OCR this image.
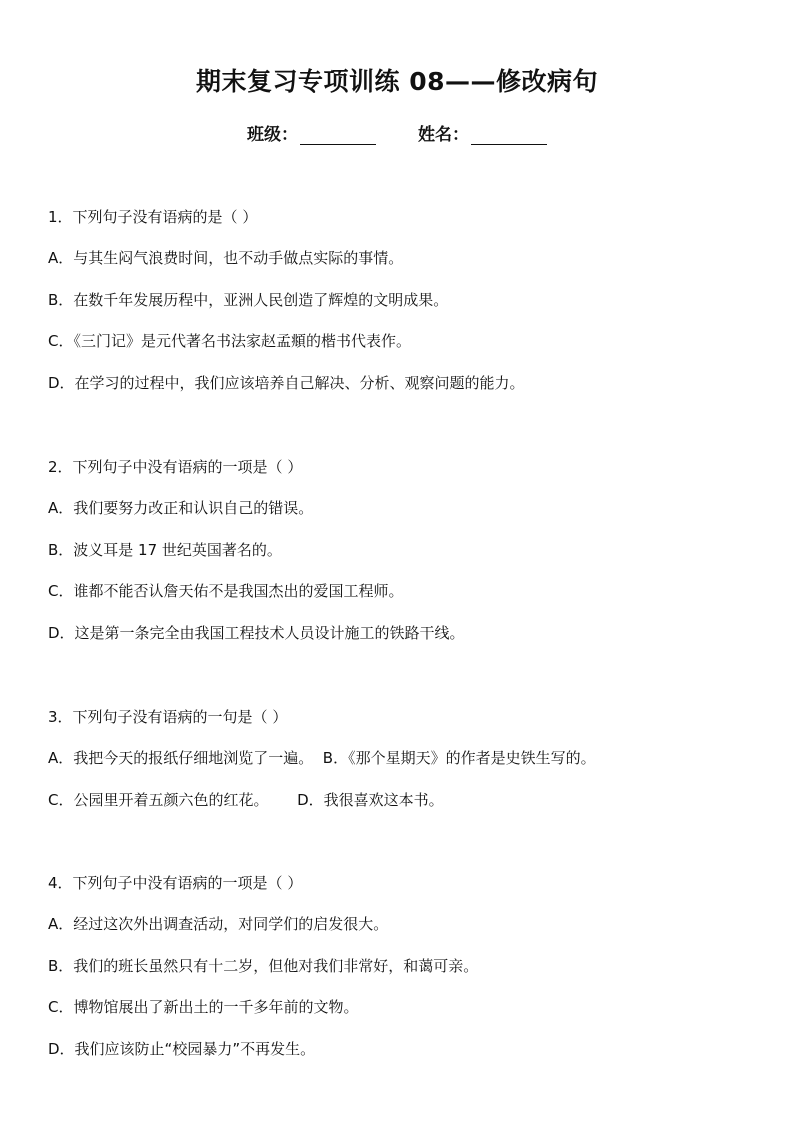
期末复习专项训练 08——修改病句
班级：	姓名：
1．下列句子没有语病的是（ ）
A．与其生闷气浪费时间，也不动手做点实际的事情。
B．在数千年发展历程中，亚洲人民创造了辉煌的文明成果。
C．《三门记》是元代著名书法家赵孟頫的楷书代表作。
D．在学习的过程中，我们应该培养自己解决、分析、观察问题的能力。
2．下列句子中没有语病的一项是（ ）
A．我们要努力改正和认识自己的错误。
B．波义耳是 17 世纪英国著名的。
C．谁都不能否认詹天佑不是我国杰出的爱国工程师。
D．这是第一条完全由我国工程技术人员设计施工的铁路干线。
3．下列句子没有语病的一句是（ ）
A．我把今天的报纸仔细地浏览了一遍。  B．《那个星期天》的作者是史铁生写的。
C．公园里开着五颜六色的红花。      D．我很喜欢这本书。
4．下列句子中没有语病的一项是（ ）
A．经过这次外出调查活动，对同学们的启发很大。
B．我们的班长虽然只有十二岁，但他对我们非常好，和蔼可亲。
C．博物馆展出了新出土的一千多年前的文物。
D．我们应该防止“校园暴力”不再发生。
